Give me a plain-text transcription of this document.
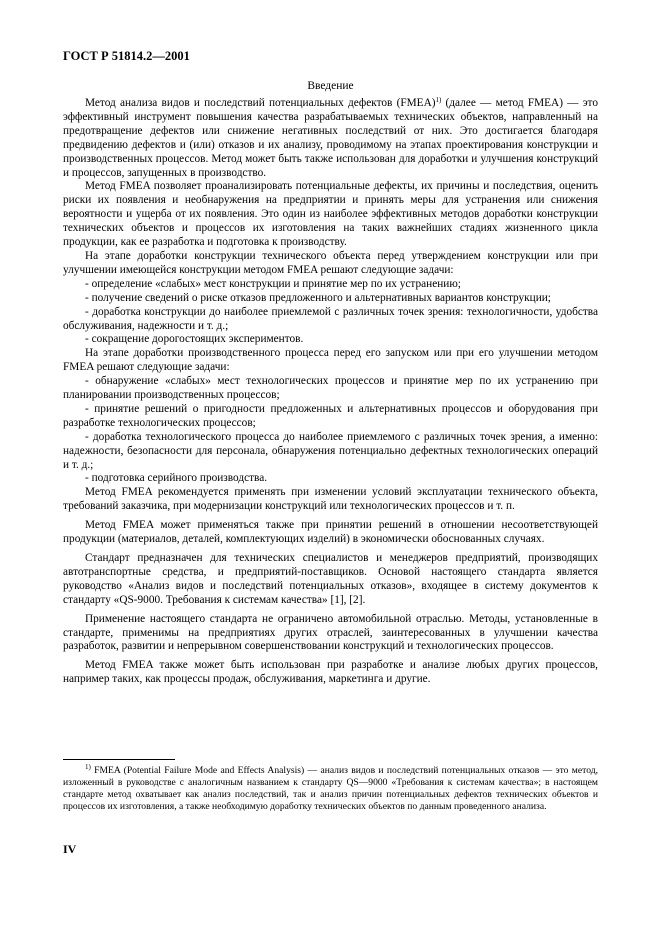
ГОСТ Р 51814.2—2001
Введение

Метод анализа видов и последствий потенциальных дефектов (FMEA)$^{1)}$ (далее — метод FMEA) — это эффективный инструмент повышения качества разрабатываемых технических объектов, направленный на предотвращение дефектов или снижение негативных последствий от них. Это достигается благодаря предвидению дефектов и (или) отказов и их анализу, проводимому на этапах проектирования конструкции и производственных процессов. Метод может быть также использован для доработки и улучшения конструкций и процессов, запущенных в производство.

Метод FMEA позволяет проанализировать потенциальные дефекты, их причины и последствия, оценить риски их появления и необнаружения на предприятии и принять меры для устранения или снижения вероятности и ущерба от их появления. Это один из наиболее эффективных методов доработки конструкции технических объектов и процессов их изготовления на таких важнейших стадиях жизненного цикла продукции, как ее разработка и подготовка к производству.

На этапе доработки конструкции технического объекта перед утверждением конструкции или при улучшении имеющейся конструкции методом FMEA решают следующие задачи:

- определение «слабых» мест конструкции и принятие мер по их устранению;

- получение сведений о риске отказов предложенного и альтернативных вариантов конструкции;

- доработка конструкции до наиболее приемлемой с различных точек зрения: технологичности, удобства обслуживания, надежности и т. д.;

- сокращение дорогостоящих экспериментов.

На этапе доработки производственного процесса перед его запуском или при его улучшении методом FMEA решают следующие задачи:

- обнаружение «слабых» мест технологических процессов и принятие мер по их устранению при планировании производственных процессов;

- принятие решений о пригодности предложенных и альтернативных процессов и оборудования при разработке технологических процессов;

- доработка технологического процесса до наиболее приемлемого с различных точек зрения, а именно: надежности, безопасности для персонала, обнаружения потенциально дефектных технологических операций и т. д.;

- подготовка серийного производства.

Метод FMEA рекомендуется применять при изменении условий эксплуатации технического объекта, требований заказчика, при модернизации конструкций или технологических процессов и т. п.

Метод FMEA может применяться также при принятии решений в отношении несоответствующей продукции (материалов, деталей, комплектующих изделий) в экономически обоснованных случаях.

Стандарт предназначен для технических специалистов и менеджеров предприятий, производящих автотранспортные средства, и предприятий-поставщиков. Основой настоящего стандарта является руководство «Анализ видов и последствий потенциальных отказов», входящее в систему документов к стандарту «QS-9000. Требования к системам качества» [1], [2].

Применение настоящего стандарта не ограничено автомобильной отраслью. Методы, установленные в стандарте, применимы на предприятиях других отраслей, заинтересованных в улучшении качества разработок, развитии и непрерывном совершенствовании конструкций и технологических процессов.

Метод FMEA также может быть использован при разработке и анализе любых других процессов, например таких, как процессы продаж, обслуживания, маркетинга и другие.

$^{1)}$ FMEA (Potential Failure Mode and Effects Analysis) — анализ видов и последствий потенциальных отказов — это метод, изложенный в руководстве с аналогичным названием к стандарту QS—9000 «Требования к системам качества»; в настоящем стандарте метод охватывает как анализ последствий, так и анализ причин потенциальных дефектов технических объектов и процессов их изготовления, а также необходимую доработку технических объектов по данным проведенного анализа.

IV
